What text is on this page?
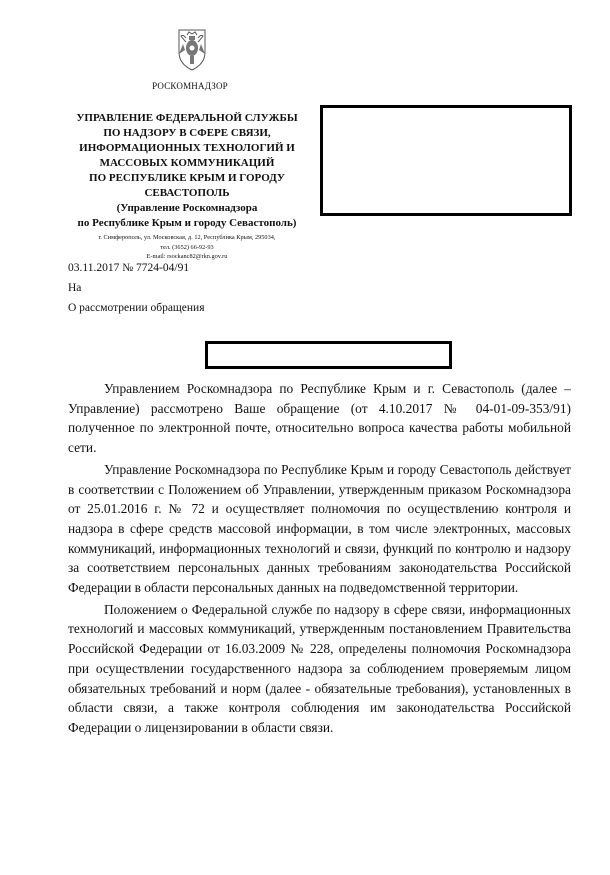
РОСКОМНАДЗОР
УПРАВЛЕНИЕ ФЕДЕРАЛЬНОЙ СЛУЖБЫ
ПО НАДЗОРУ В СФЕРЕ СВЯЗИ,
ИНФОРМАЦИОННЫХ ТЕХНОЛОГИЙ И
МАССОВЫХ КОММУНИКАЦИЙ
ПО РЕСПУБЛИКЕ КРЫМ И ГОРОДУ
СЕВАСТОПОЛЬ
(Управление Роскомнадзора
по Республике Крым и городу Севастополь)
г. Симферополь, ул. Московская, д. 12, Республика Крым, 295034,
тел. (3652) 66-92-93
E-mail: rsockanc82@rkn.gov.ru
03.11.2017 № 7724-04/91
На
О рассмотрении обращения

Управлением Роскомнадзора по Республике Крым и г. Севастополь (далее – Управление) рассмотрено Ваше обращение (от 4.10.2017 № 04-01-09-353/91) полученное по электронной почте, относительно вопроса качества работы мобильной сети.

Управление Роскомнадзора по Республике Крым и городу Севастополь действует в соответствии с Положением об Управлении, утвержденным приказом Роскомнадзора от 25.01.2016 г. № 72 и осуществляет полномочия по осуществлению контроля и надзора в сфере средств массовой информации, в том числе электронных, массовых коммуникаций, информационных технологий и связи, функций по контролю и надзору за соответствием персональных данных требованиям законодательства Российской Федерации в области персональных данных на подведомственной территории.

Положением о Федеральной службе по надзору в сфере связи, информационных технологий и массовых коммуникаций, утвержденным постановлением Правительства Российской Федерации от 16.03.2009 № 228, определены полномочия Роскомнадзора при осуществлении государственного надзора за соблюдением проверяемым лицом обязательных требований и норм (далее - обязательные требования), установленных в области связи, а также контроля соблюдения им законодательства Российской Федерации о лицензировании в области связи.
